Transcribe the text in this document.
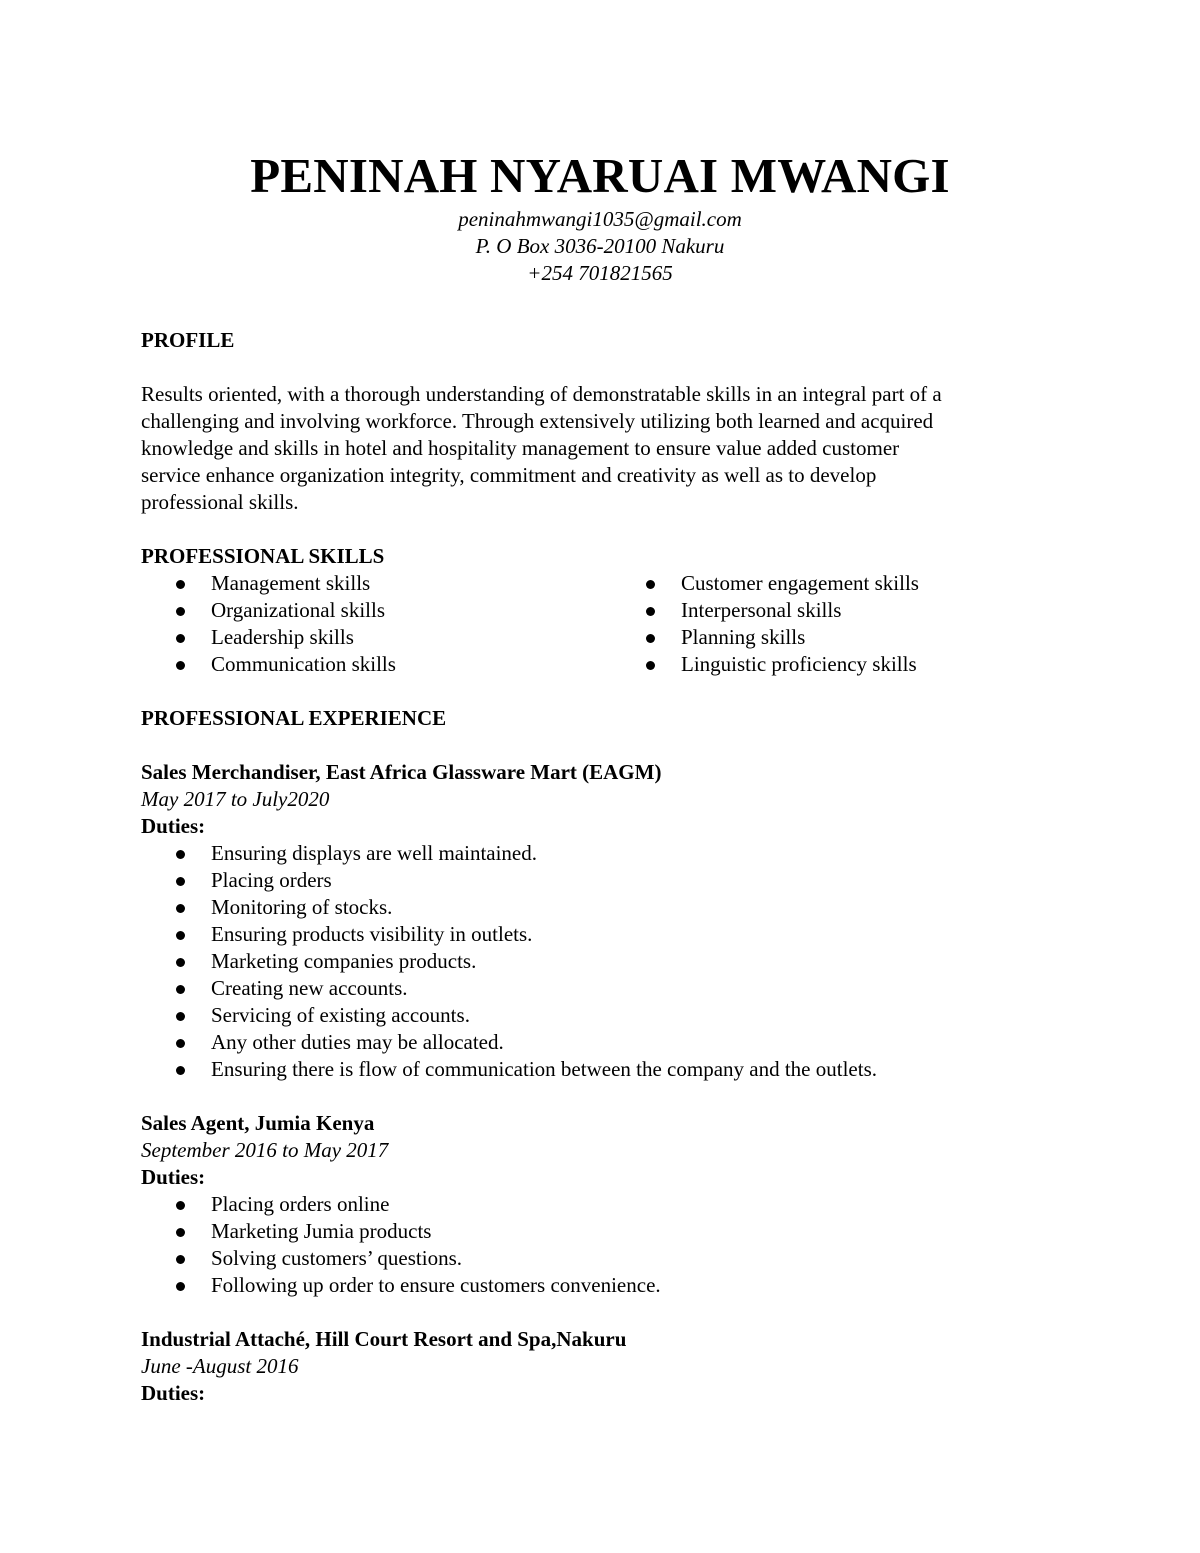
PENINAH NYARUAI MWANGI
peninahmwangi1035@gmail.com
P. O Box 3036-20100 Nakuru
+254 701821565
PROFILE
Results oriented, with a thorough understanding of demonstratable skills in an integral part of a
challenging and involving workforce. Through extensively utilizing both learned and acquired
knowledge and skills in hotel and hospitality management to ensure value added customer
service enhance organization integrity, commitment and creativity as well as to develop
professional skills.
PROFESSIONAL SKILLS
Management skills
Organizational skills
Leadership skills
Communication skills
Customer engagement skills
Interpersonal skills
Planning skills
Linguistic proficiency skills
PROFESSIONAL EXPERIENCE
Sales Merchandiser, East Africa Glassware Mart (EAGM)
May 2017 to July2020
Duties:
Ensuring displays are well maintained.
Placing orders
Monitoring of stocks.
Ensuring products visibility in outlets.
Marketing companies products.
Creating new accounts.
Servicing of existing accounts.
Any other duties may be allocated.
Ensuring there is flow of communication between the company and the outlets.
Sales Agent, Jumia Kenya
September 2016 to May 2017
Duties:
Placing orders online
Marketing Jumia products
Solving customers’ questions.
Following up order to ensure customers convenience.
Industrial Attaché, Hill Court Resort and Spa,Nakuru
June -August 2016
Duties:
